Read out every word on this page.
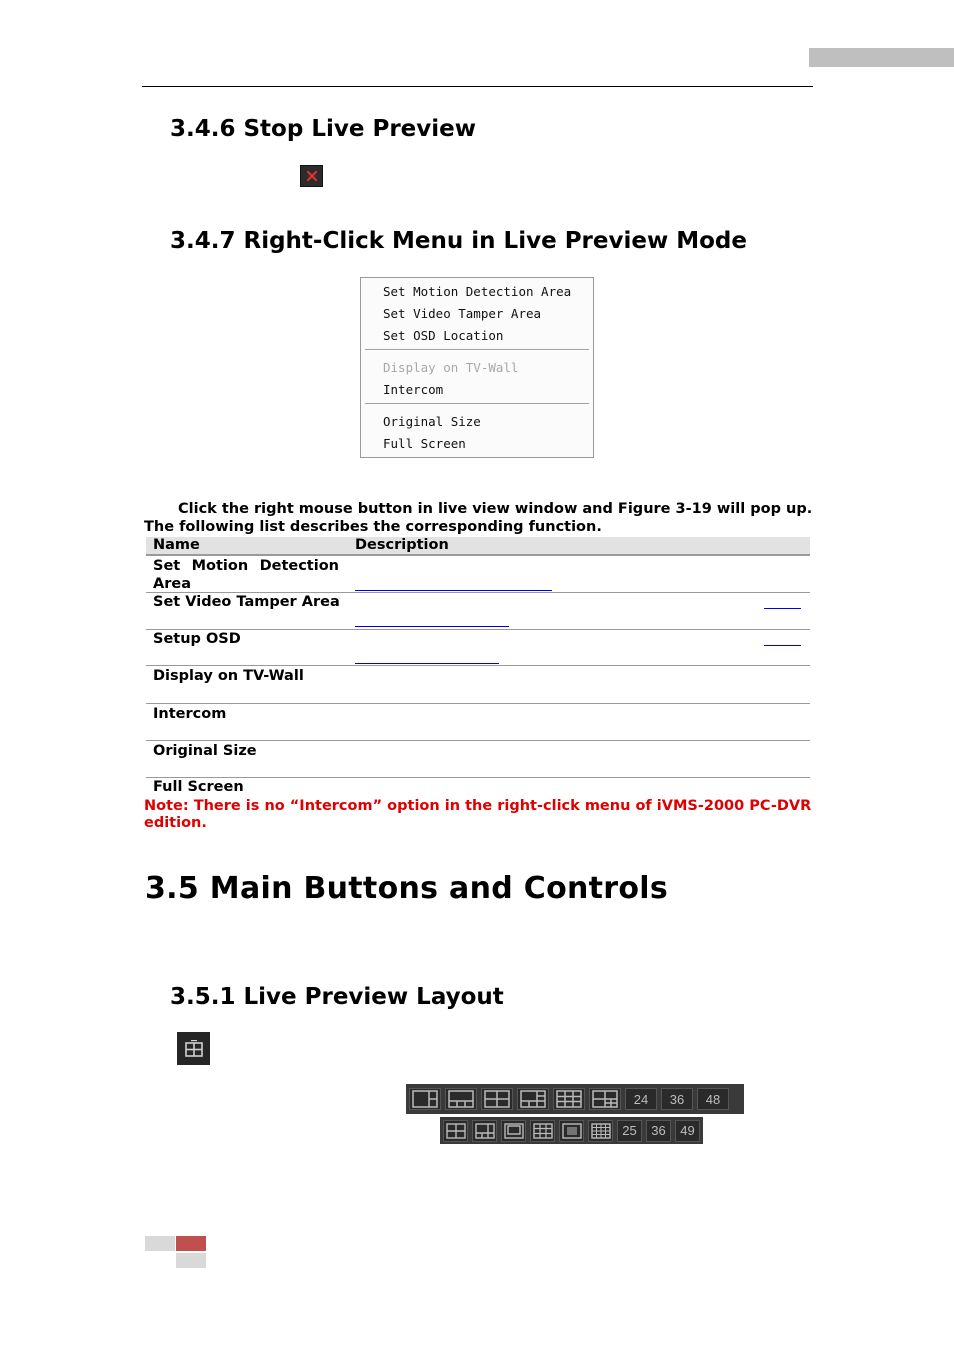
3.4.6 Stop Live Preview
3.4.7 Right-Click Menu in Live Preview Mode
Set Motion Detection Area
Set Video Tamper Area
Set OSD Location
Display on TV-Wall
Intercom
Original Size
Full Screen
Click the right mouse button in live view window and Figure 3-19 will pop up.
The following list describes the corresponding function.
Name	Description
Set Motion Detection Area
Set Video Tamper Area
Setup OSD
Display on TV-Wall
Intercom
Original Size
Full Screen
Note: There is no “Intercom” option in the right-click menu of iVMS-2000 PC-DVR edition.
3.5 Main Buttons and Controls
3.5.1 Live Preview Layout
24 36 48
25 36 49
